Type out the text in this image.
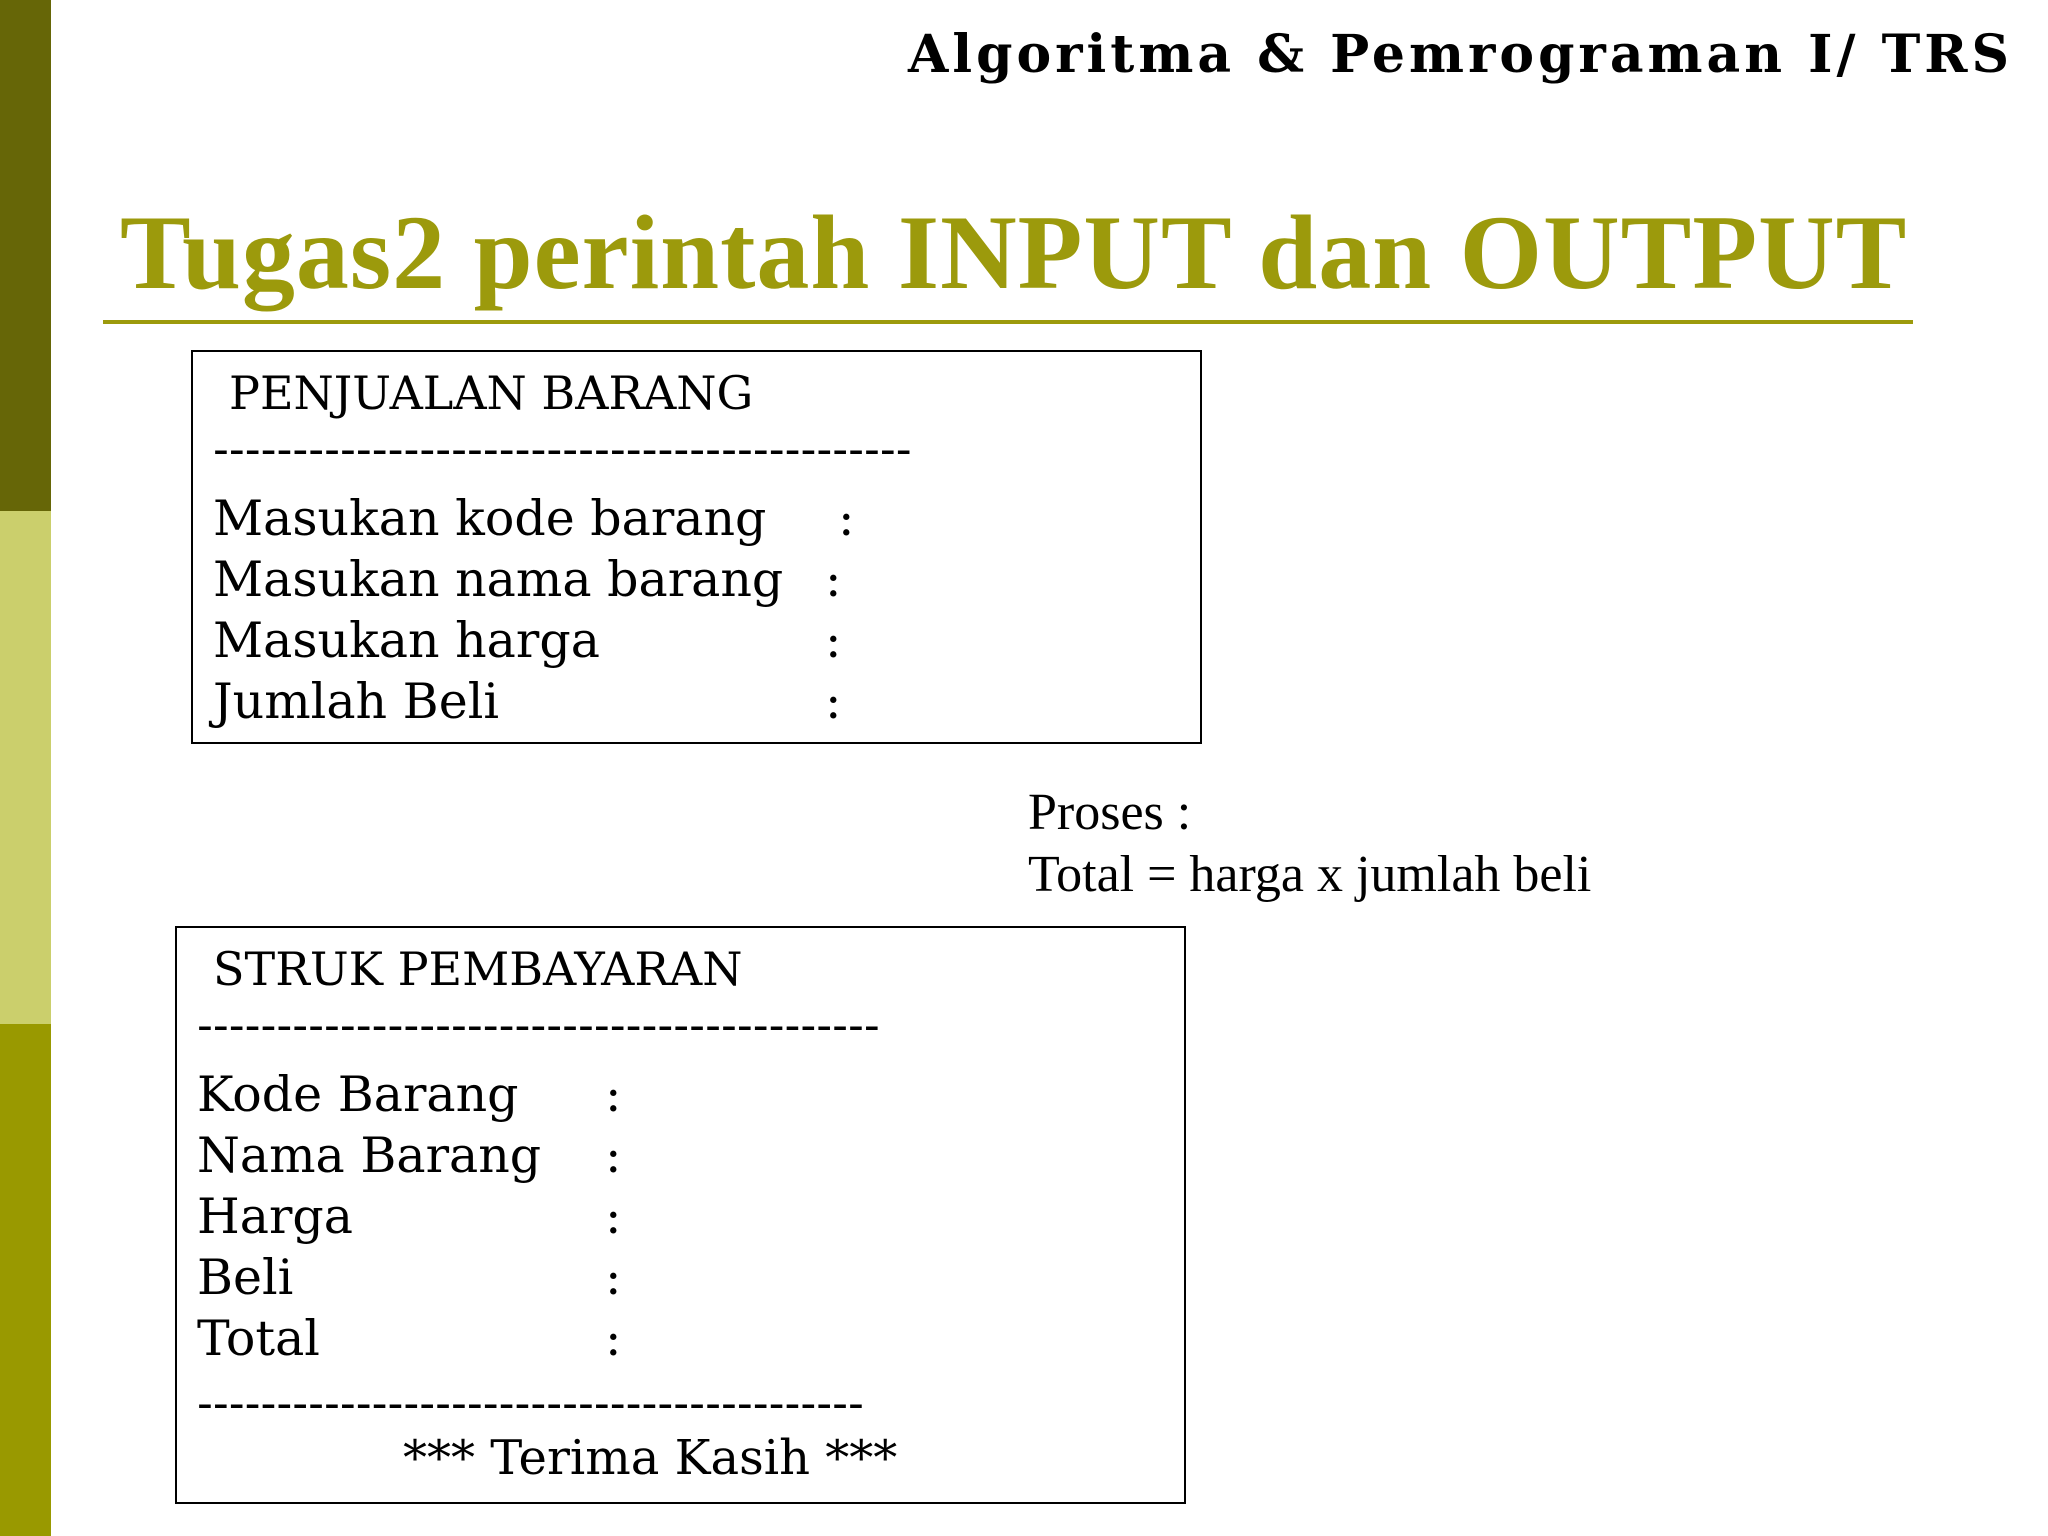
Algoritma & Pemrograman I/ TRS
Tugas2 perintah INPUT dan OUTPUT
PENJUALAN BARANG
--------------------------------------------
Masukan kode barang :
Masukan nama barang :
Masukan harga	:
Jumlah Beli	:
Proses :
Total = harga x jumlah beli
STRUK PEMBAYARAN
-------------------------------------------
Kode Barang :
Nama Barang :
Harga	:
Beli	:
Total	:
------------------------------------------
*** Terima Kasih ***
